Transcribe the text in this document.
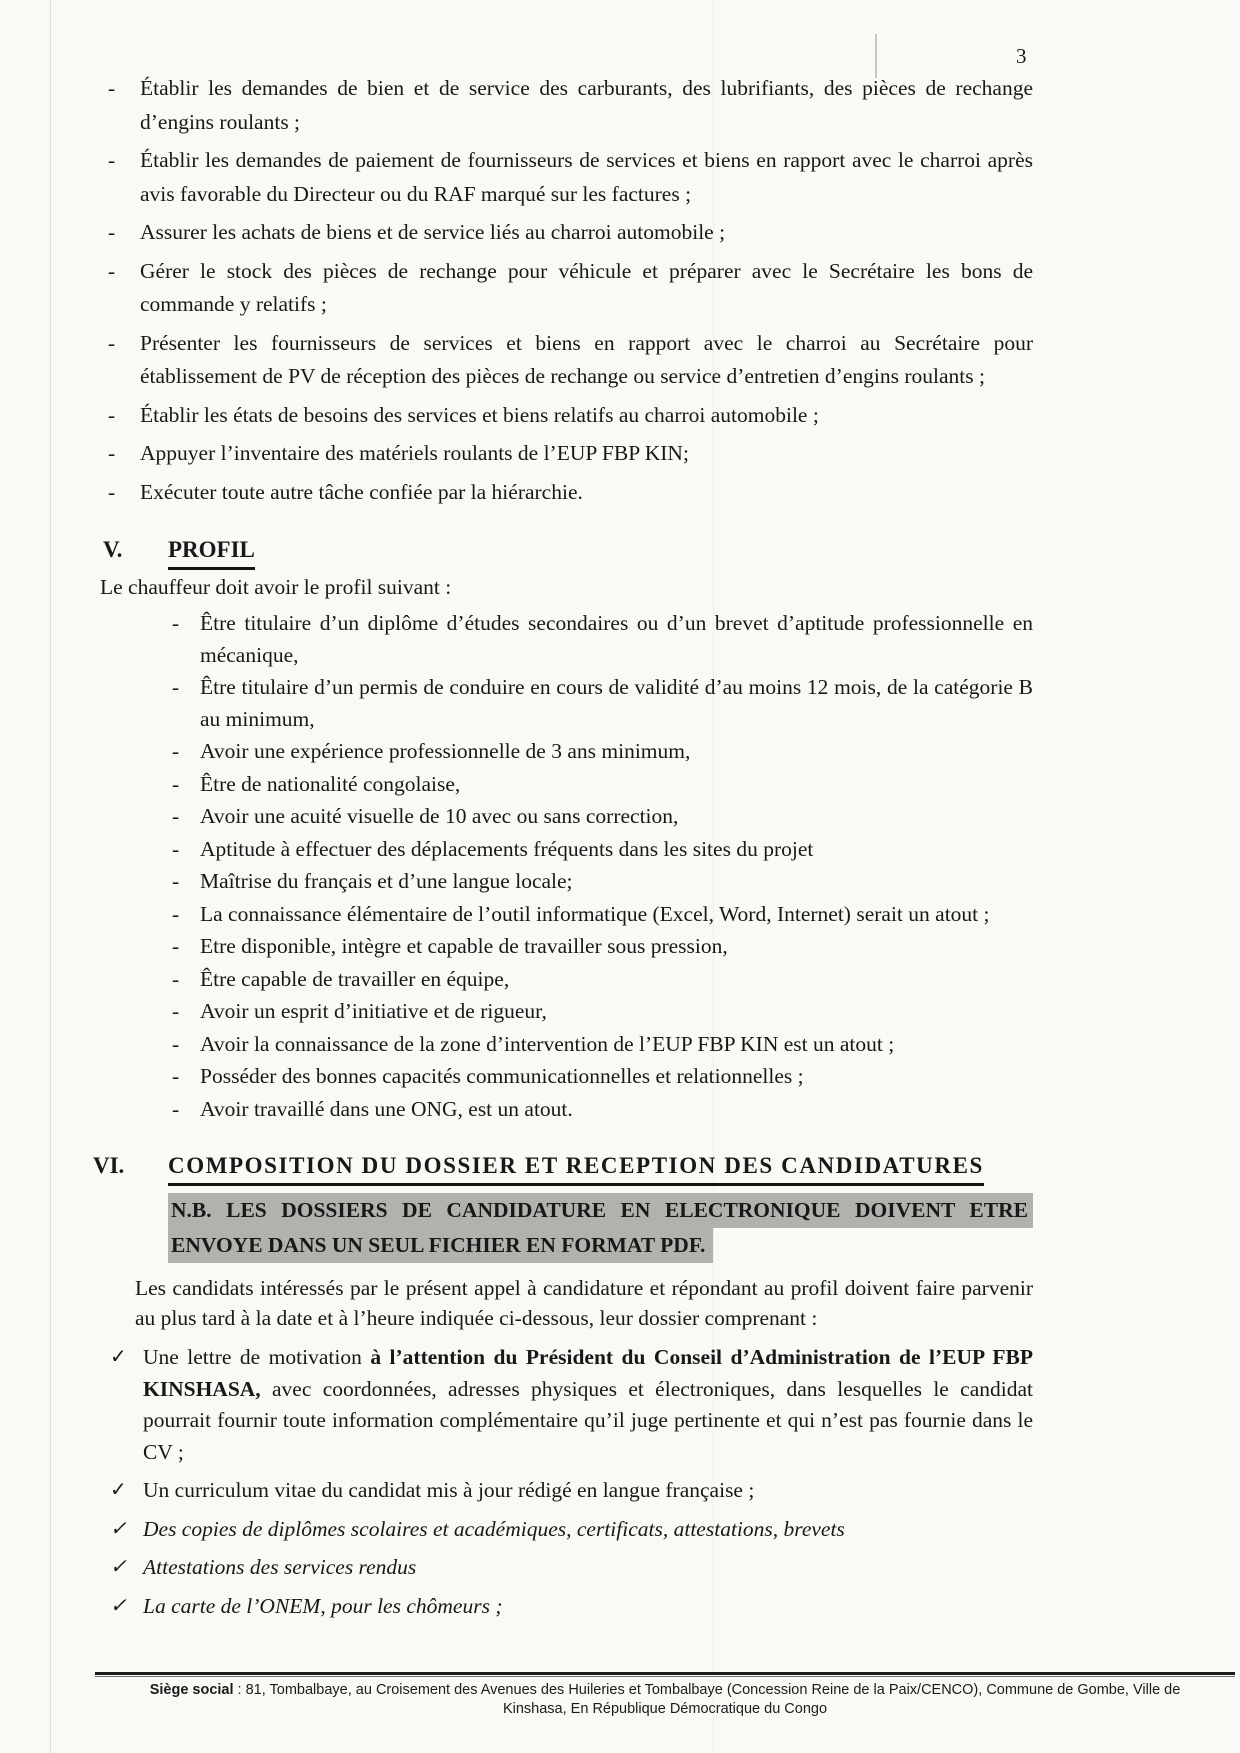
3
- Établir les demandes de bien et de service des carburants, des lubrifiants, des pièces de rechange d’engins roulants ;
- Établir les demandes de paiement de fournisseurs de services et biens en rapport avec le charroi après avis favorable du Directeur ou du RAF marqué sur les factures ;
- Assurer les achats de biens et de service liés au charroi automobile ;
- Gérer le stock des pièces de rechange pour véhicule et préparer avec le Secrétaire les bons de commande y relatifs ;
- Présenter les fournisseurs de services et biens en rapport avec le charroi au Secrétaire pour établissement de PV de réception des pièces de rechange ou service d’entretien d’engins roulants ;
- Établir les états de besoins des services et biens relatifs au charroi automobile ;
- Appuyer l’inventaire des matériels roulants de l’EUP FBP KIN;
- Exécuter toute autre tâche confiée par la hiérarchie.
V. PROFIL
Le chauffeur doit avoir le profil suivant :
- Être titulaire d’un diplôme d’études secondaires ou d’un brevet d’aptitude professionnelle en mécanique,
- Être titulaire d’un permis de conduire en cours de validité d’au moins 12 mois, de la catégorie B au minimum,
- Avoir une expérience professionnelle de 3 ans minimum,
- Être de nationalité congolaise,
- Avoir une acuité visuelle de 10 avec ou sans correction,
- Aptitude à effectuer des déplacements fréquents dans les sites du projet
- Maîtrise du français et d’une langue locale;
- La connaissance élémentaire de l’outil informatique (Excel, Word, Internet) serait un atout ;
- Etre disponible, intègre et capable de travailler sous pression,
- Être capable de travailler en équipe,
- Avoir un esprit d’initiative et de rigueur,
- Avoir la connaissance de la zone d’intervention de l’EUP FBP KIN est un atout ;
- Posséder des bonnes capacités communicationnelles et relationnelles ;
- Avoir travaillé dans une ONG, est un atout.
VI. COMPOSITION DU DOSSIER ET RECEPTION DES CANDIDATURES
N.B. LES DOSSIERS DE CANDIDATURE EN ELECTRONIQUE DOIVENT ETRE
ENVOYE DANS UN SEUL FICHIER EN FORMAT PDF.
Les candidats intéressés par le présent appel à candidature et répondant au profil doivent faire parvenir au plus tard à la date et à l’heure indiquée ci-dessous, leur dossier comprenant :
✓ Une lettre de motivation à l’attention du Président du Conseil d’Administration de l’EUP FBP KINSHASA, avec coordonnées, adresses physiques et électroniques, dans lesquelles le candidat pourrait fournir toute information complémentaire qu’il juge pertinente et qui n’est pas fournie dans le CV ;
✓ Un curriculum vitae du candidat mis à jour rédigé en langue française ;
✓ Des copies de diplômes scolaires et académiques, certificats, attestations, brevets
✓ Attestations des services rendus
✓ La carte de l’ONEM, pour les chômeurs ;
Siège social : 81, Tombalbaye, au Croisement des Avenues des Huileries et Tombalbaye (Concession Reine de la Paix/CENCO), Commune de Gombe, Ville de Kinshasa, En République Démocratique du Congo
